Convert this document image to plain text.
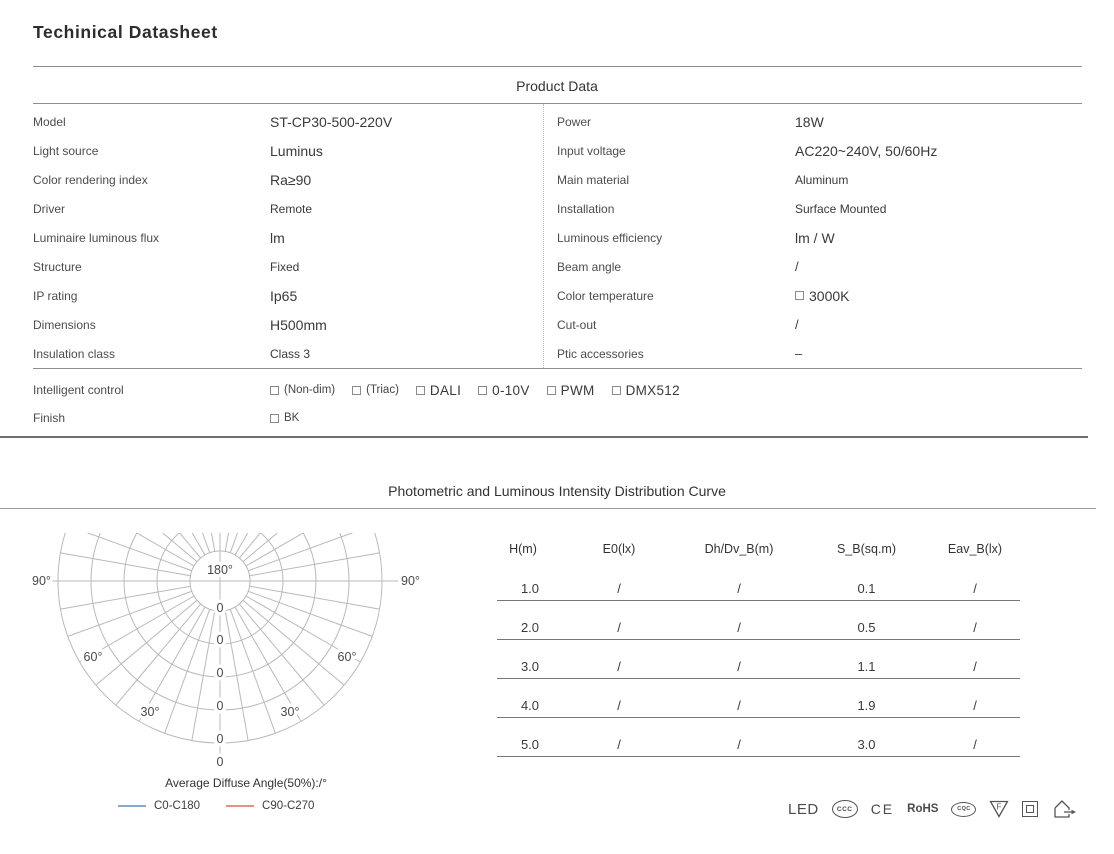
Techinical Datasheet
Product Data
Model	ST-CP30-500-220V
Light source	Luminus
Color rendering index	Ra≥90
Driver	Remote
Luminaire luminous flux	lm
Structure	Fixed
IP rating	Ip65
Dimensions	H500mm
Insulation class	Class 3
Power	18W
Input voltage	AC220~240V, 50/60Hz
Main material	Aluminum
Installation	Surface Mounted
Luminous efficiency	lm / W
Beam angle	/
Color temperature	3000K
Cut-out	/
Ptic accessories	–
Intelligent control	(Non-dim)	(Triac) DALI 0-10V PWM DMX512
Finish	BK
Photometric and Luminous Intensity Distribution Curve
180°
90°	90°
60°	60°
30°	30°
0
0
0
0
0
0
Average Diffuse Angle(50%):/°
C0-C180	C90-C270
H(m)	E0(lx)	Dh/Dv_B(m)	S_B(sq.m)	Eav_B(lx)
1.0	/	/	0.1	/
2.0	/	/	0.5	/
3.0	/	/	1.1	/
4.0	/	/	1.9	/
5.0	/	/	3.0	/
LED	CCC CE RoHS	CQC	F
